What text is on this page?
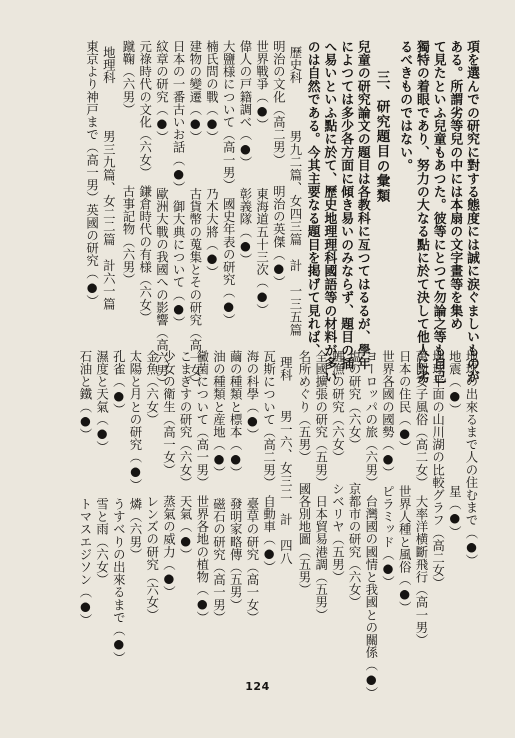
項を選んでの研究に對する態度には誠に涙ぐましいものが
ある。所謂劣等兒の中には本扇の文字畫等を集め
て見たといふ兒童もあつた。彼等にとつて勿論之等も自己
獨特の着眼であり、努力の大なる點に於て決して他人に劣
るべきものではない。
三、研究題目の彙類
兒童の研究論文の題目は各教科に亙つてはるるが、學年
によつては多少各方面に傾き易いのみならず、題目の插
へ易いといふ點に於て、歷史地理理科國語等の材料が多い
のは自然である。今其主要なる題目を掲げて見れば、
歷史科
男九二篇、女四三篇　計　一三五篇
明治の文化（高二男）　　明治の英傑（●）
世界戰爭（●）　　　　　東海道五十三次（●）
偉人の戸籍調べ（●）　　彰義隊（●）
大鹽様について（高一男）　國史年表の研究（●）
楠氏問の戰（●）　　　　乃木大將（●）
建物の變遷（●）　　　　古貨幣の蒐集とその研究（高一女）
日本の一番古いお話（●）　御大典について（●）
紋章の研究（●）　　　　歐洲大戰の我國への影響（高六男）
元祿時代の文化（六女）　鎌倉時代の有様（六女）
蹴鞠（六男）　　　　　　古事記物（六男）
地理科
男三九篇、女二二篇　計六一篇
東京より神戸まで（高一男）英國の研究（●）
地球の出來るまで人の住むまで（●）
地震（●）　　　　　　星（●）
地球半面の山川湖の比較グラフ（高二女）
萬國女子風俗（高二女）　大率洋横斷飛行（高一男）
日本の住民（●）　　　世界人種と風俗（●）
世界各國の國勢（●）　ピラミッド（●）
ヨーロッパの旅（六男）　台灣國の國情と我國との關係（●）
塩の研究（六女）　　　京都市の研究（六女）
鯉漁の研究（六女）　　シベリヤ（五男）
全國擴張の研究（五男）　日本貿易港調（五男）
名所めぐり（五男）　　國各別地圖（五男）
理科
男一六、女三二　計　四八
瓦斯について（高二男）　自動車（●）
海の科學（●）　　　　　臺草の研究（高一女）
繭の種類と標本（●）　　發明家略傳（五男）
油の種類と産地（●）　　磁石の研究（高一男）
黴菌について（高一男）　世界各地の植物（●）
こまぎすの研究（六女）　天氣（●）
少女の衛生（高一女）　　蒸氣の威力（●）
金魚（六女）　　　　　　レンズの研究（六女）
太陽と月との研究（●）　燐（六男）
孔雀（●）　　　　　　　うすべりの出來るまで（●）
濕度と天氣（●）　　　　雪と雨（六女）
石油と鐵（●）　　　　　トマスエジソン（●）
124
